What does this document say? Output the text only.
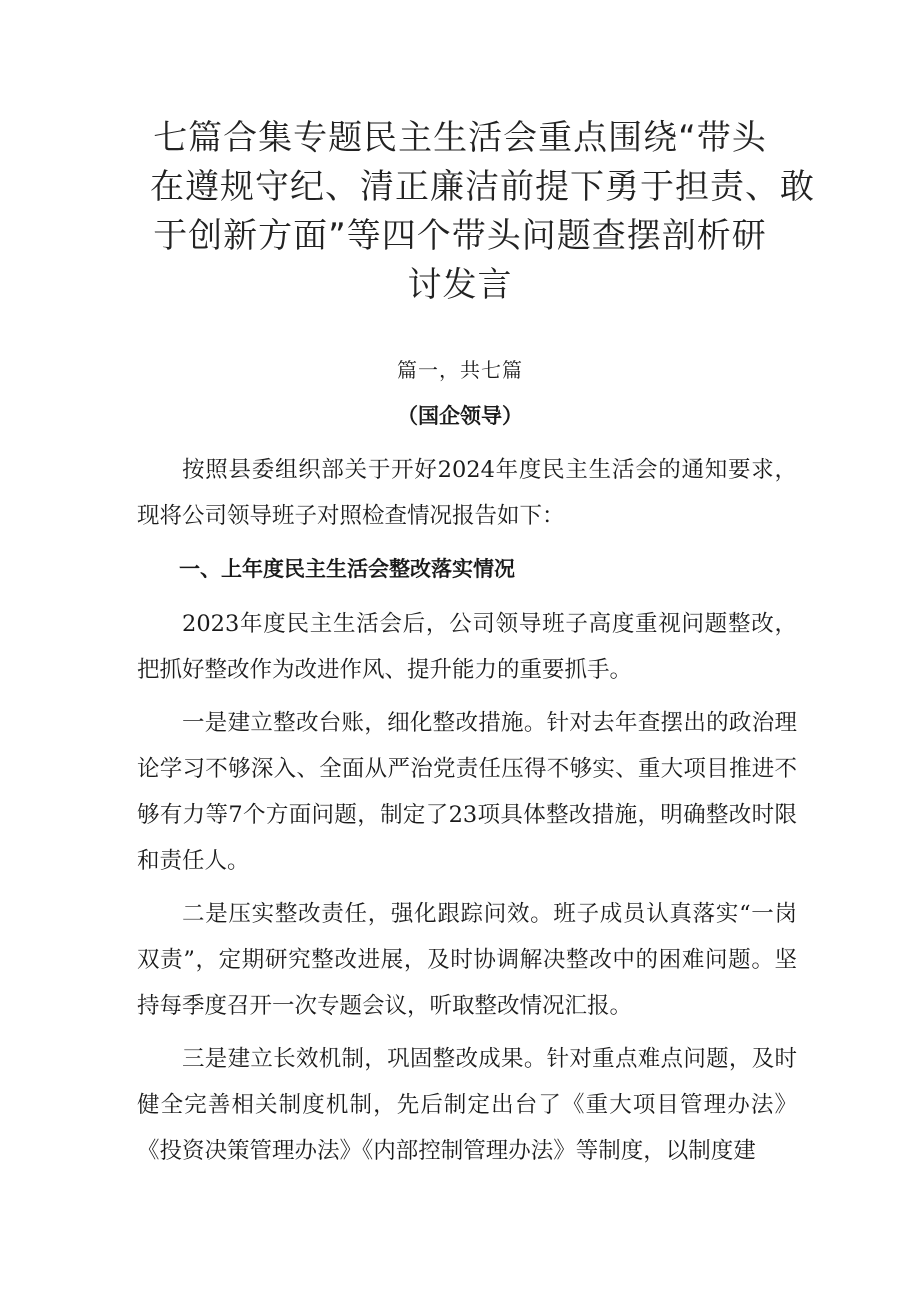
七篇合集专题民主生活会重点围绕“带头
在遵规守纪、清正廉洁前提下勇于担责、敢
于创新方面”等四个带头问题查摆剖析研
讨发言
篇一，共七篇
（国企领导）

按照县委组织部关于开好2024年度民主生活会的通知要求，现将公司领导班子对照检查情况报告如下：

一、上年度民主生活会整改落实情况

2023年度民主生活会后，公司领导班子高度重视问题整改，把抓好整改作为改进作风、提升能力的重要抓手。

一是建立整改台账，细化整改措施。针对去年查摆出的政治理论学习不够深入、全面从严治党责任压得不够实、重大项目推进不够有力等7个方面问题，制定了23项具体整改措施，明确整改时限和责任人。

二是压实整改责任，强化跟踪问效。班子成员认真落实“一岗双责”，定期研究整改进展，及时协调解决整改中的困难问题。坚持每季度召开一次专题会议，听取整改情况汇报。

三是建立长效机制，巩固整改成果。针对重点难点问题，及时健全完善相关制度机制，先后制定出台了《重大项目管理办法》《投资决策管理办法》《内部控制管理办法》等制度，以制度建
